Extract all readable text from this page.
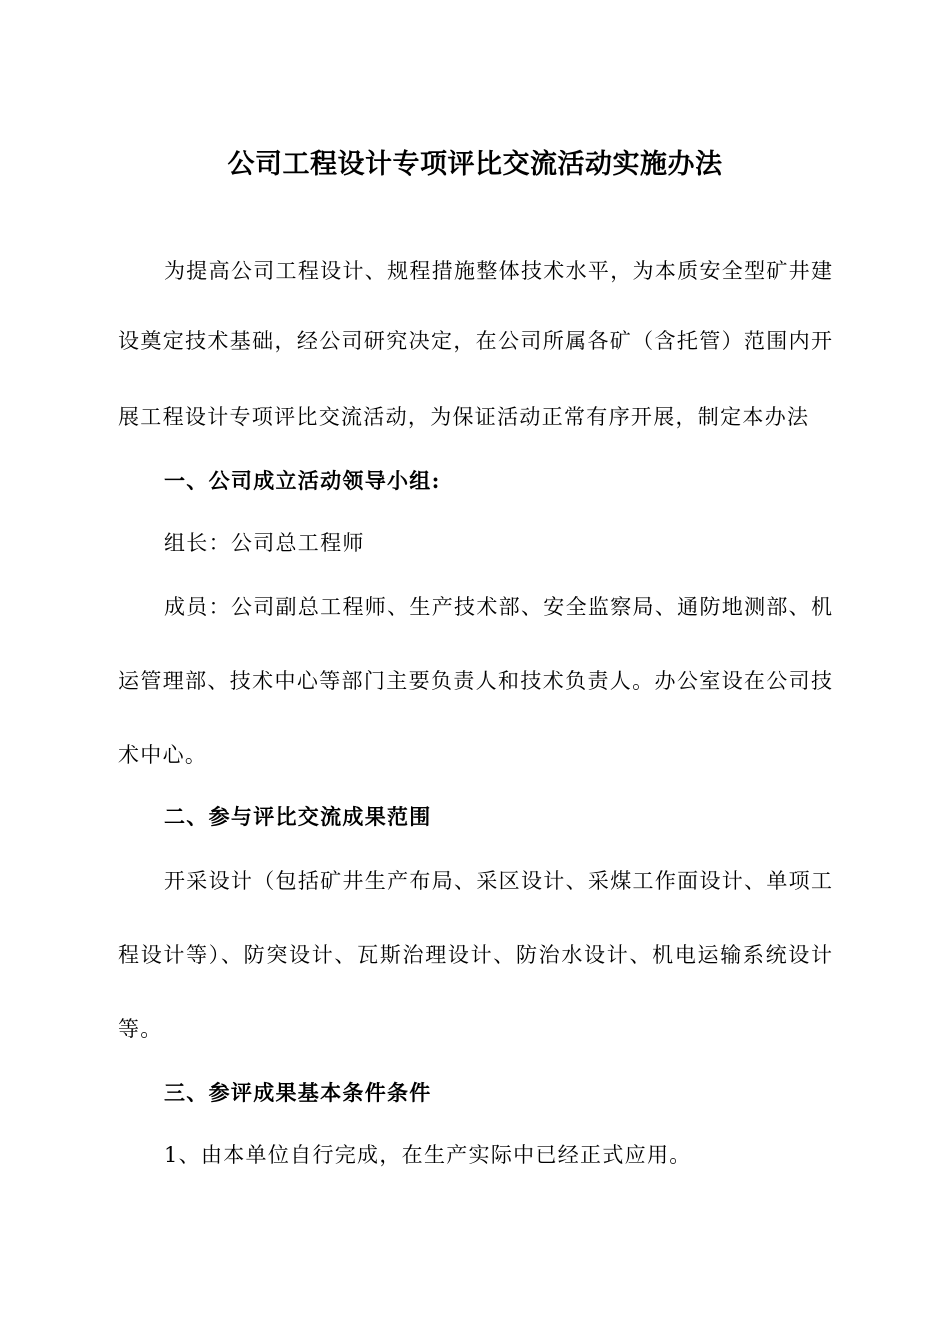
公司工程设计专项评比交流活动实施办法
为提高公司工程设计、规程措施整体技术水平，为本质安全型矿井建
设奠定技术基础，经公司研究决定，在公司所属各矿（含托管）范围内开
展工程设计专项评比交流活动，为保证活动正常有序开展，制定本办法
一、公司成立活动领导小组:
组长：公司总工程师
成员：公司副总工程师、生产技术部、安全监察局、通防地测部、机
运管理部、技术中心等部门主要负责人和技术负责人。办公室设在公司技
术中心。
二、参与评比交流成果范围
开采设计（包括矿井生产布局、采区设计、采煤工作面设计、单项工
程设计等）、防突设计、瓦斯治理设计、防治水设计、机电运输系统设计
等。
三、参评成果基本条件条件
1、由本单位自行完成，在生产实际中已经正式应用。
